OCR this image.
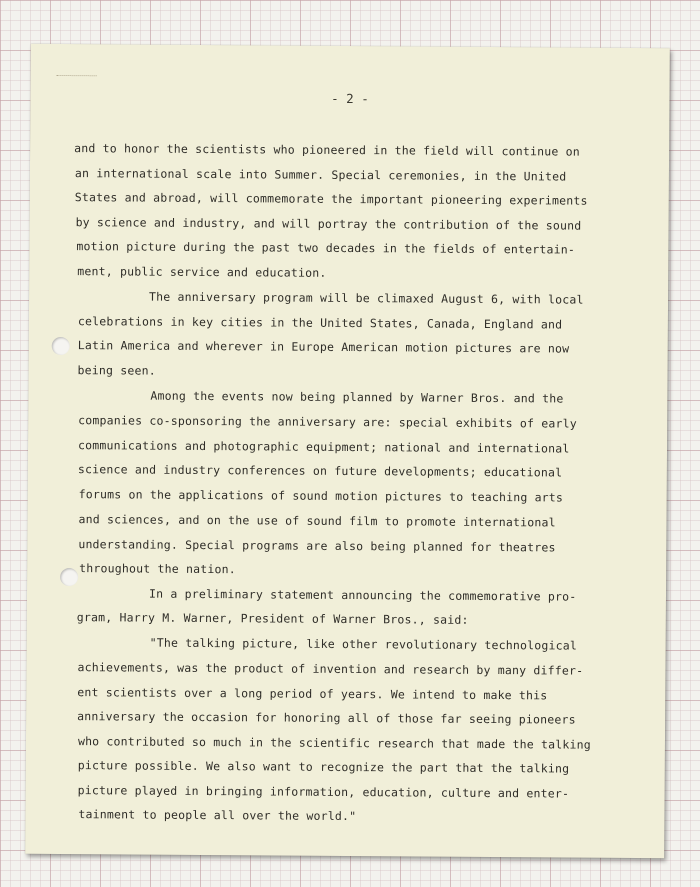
- 2 -
and to honor the scientists who pioneered in the field will continue on
an international scale into Summer. Special ceremonies, in the United
States and abroad, will commemorate the important pioneering experiments
by science and industry, and will portray the contribution of the sound
motion picture during the past two decades in the fields of entertain-
ment, public service and education.
The anniversary program will be climaxed August 6, with local
celebrations in key cities in the United States, Canada, England and
Latin America and wherever in Europe American motion pictures are now
being seen.
Among the events now being planned by Warner Bros. and the
companies co-sponsoring the anniversary are: special exhibits of early
communications and photographic equipment; national and international
science and industry conferences on future developments; educational
forums on the applications of sound motion pictures to teaching arts
and sciences, and on the use of sound film to promote international
understanding. Special programs are also being planned for theatres
throughout the nation.
In a preliminary statement announcing the commemorative pro-
gram, Harry M. Warner, President of Warner Bros., said:
"The talking picture, like other revolutionary technological
achievements, was the product of invention and research by many differ-
ent scientists over a long period of years. We intend to make this
anniversary the occasion for honoring all of those far seeing pioneers
who contributed so much in the scientific research that made the talking
picture possible. We also want to recognize the part that the talking
picture played in bringing information, education, culture and enter-
tainment to people all over the world."
